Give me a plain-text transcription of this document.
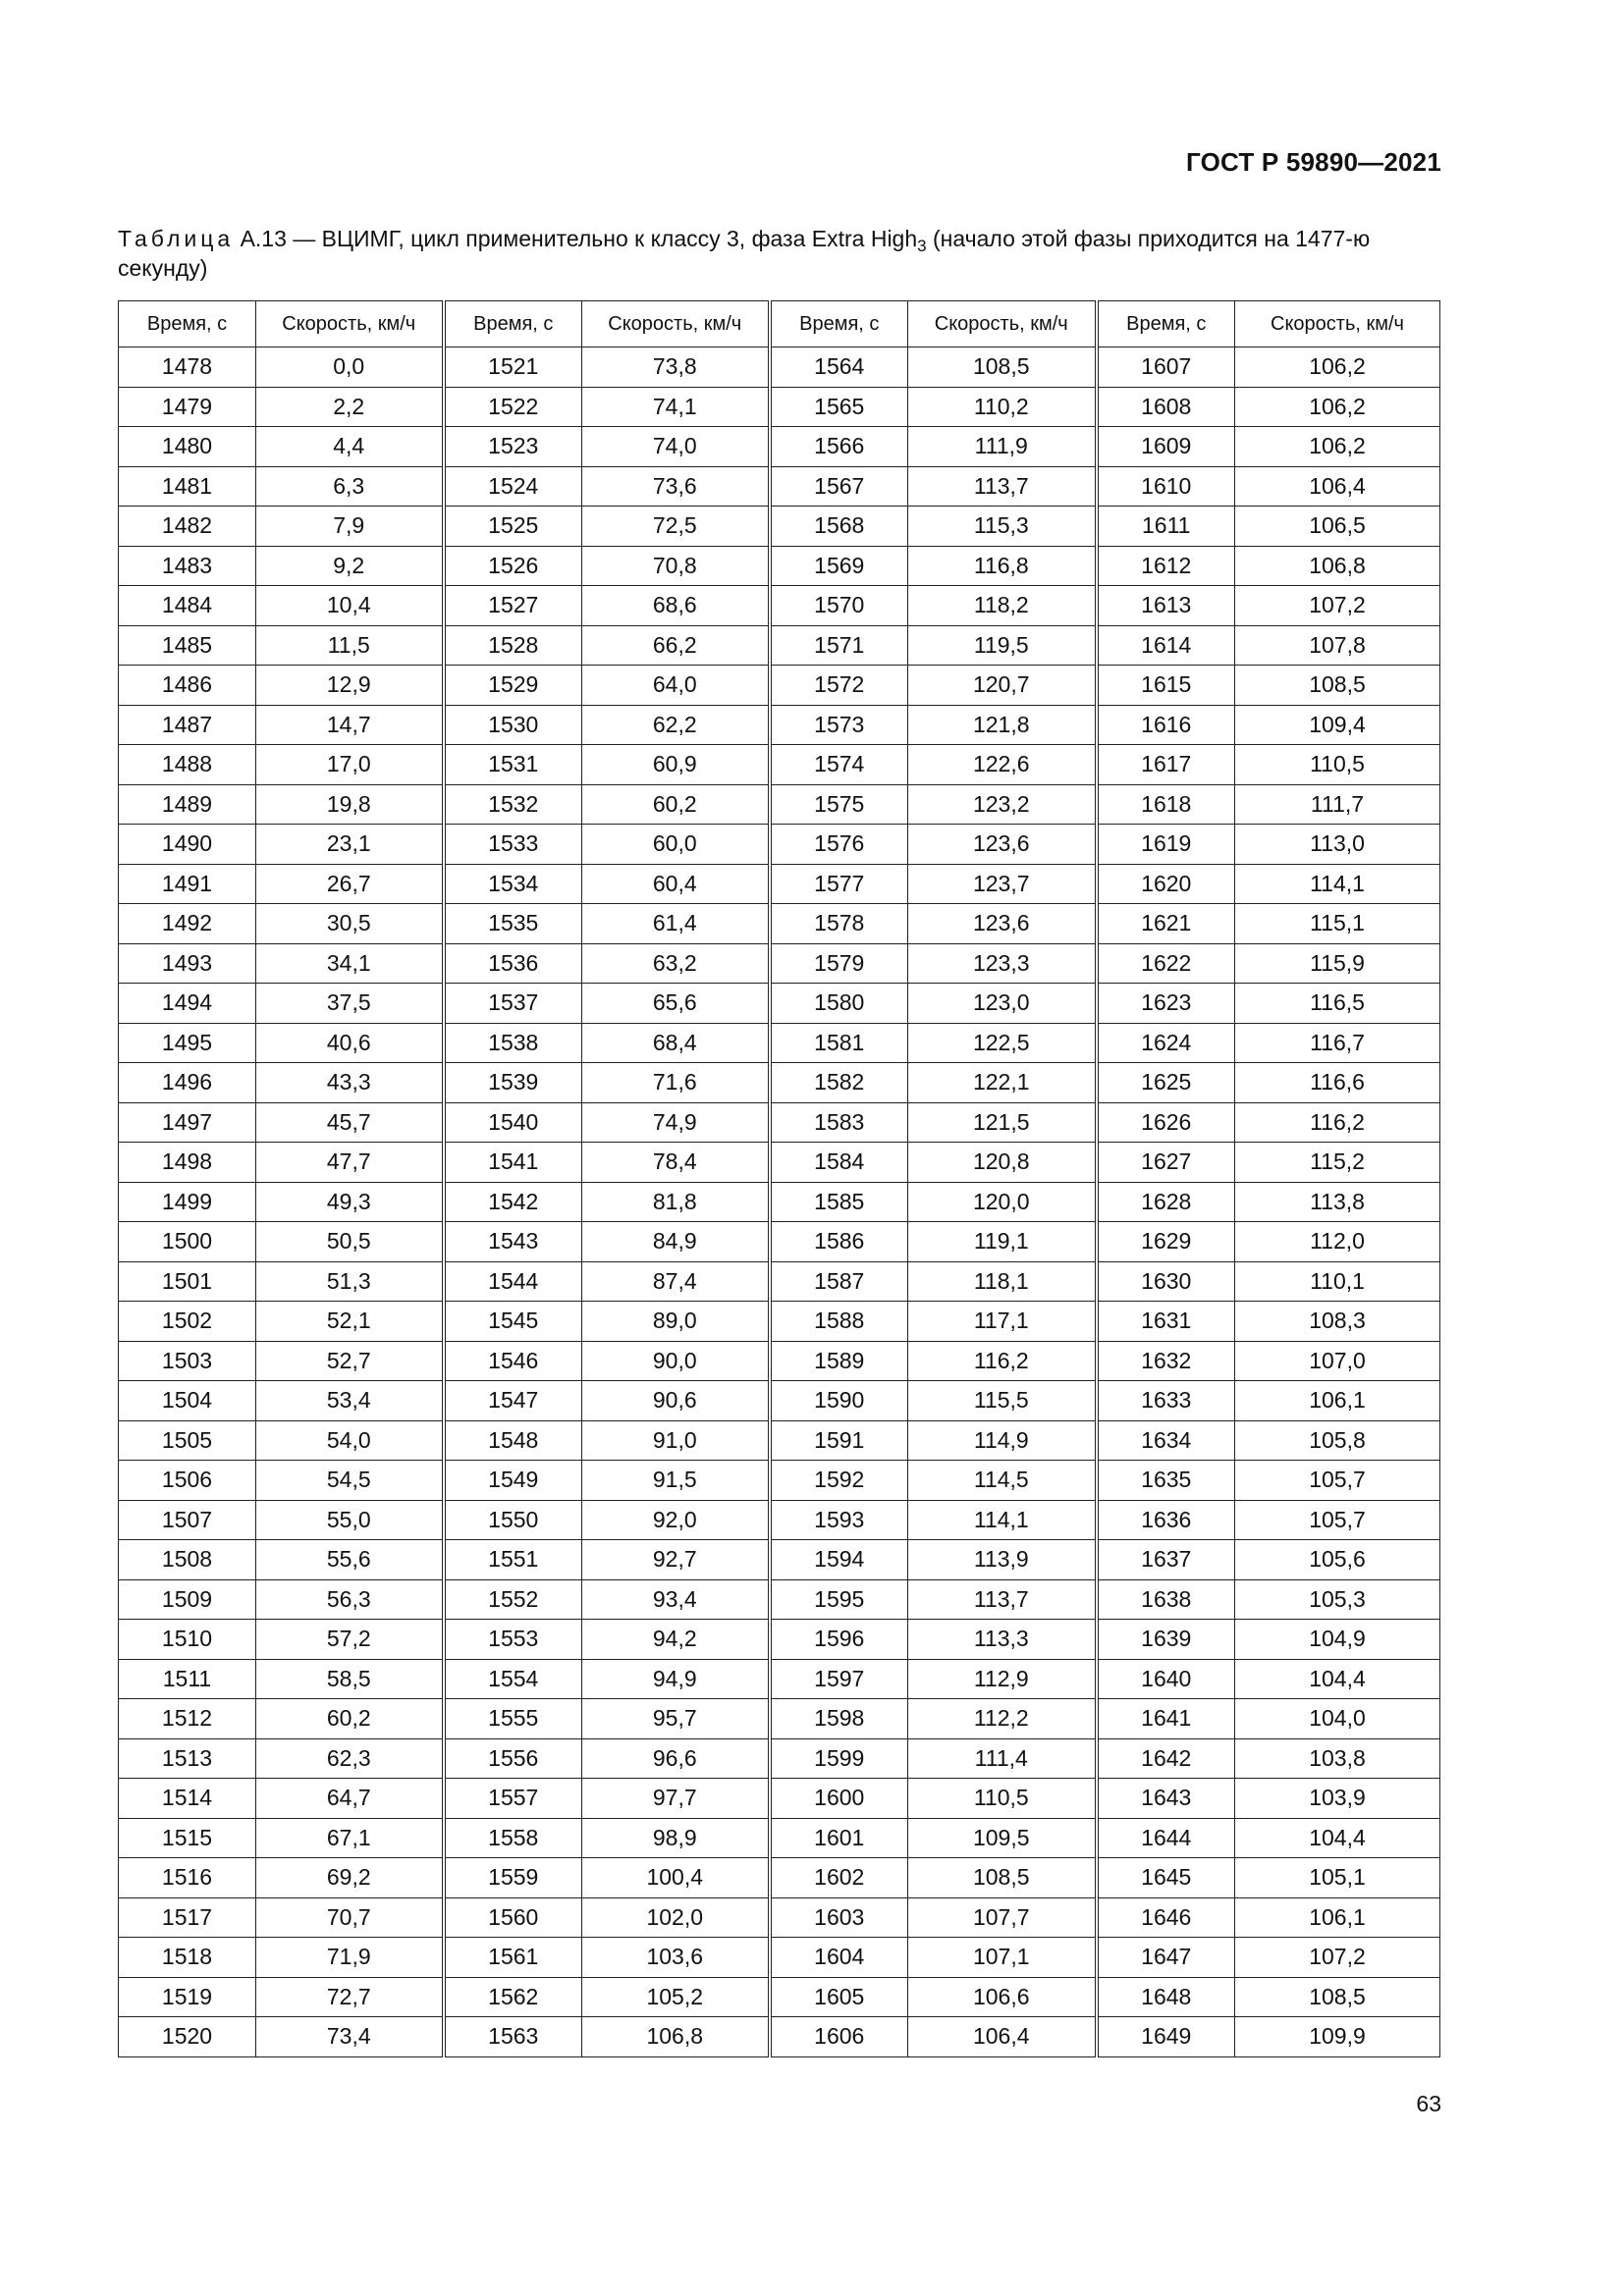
ГОСТ Р 59890—2021
Таблица А.13 — ВЦИМГ, цикл применительно к классу 3, фаза Extra High$_3$ (начало этой фазы приходится на 1477-ю секунду)
Время, с	Скорость, км/ч	Время, с	Скорость, км/ч	Время, с	Скорость, км/ч	Время, с	Скорость, км/ч
1478	0,0	1521	73,8	1564	108,5	1607	106,2
1479	2,2	1522	74,1	1565	110,2	1608	106,2
1480	4,4	1523	74,0	1566	111,9	1609	106,2
1481	6,3	1524	73,6	1567	113,7	1610	106,4
1482	7,9	1525	72,5	1568	115,3	1611	106,5
1483	9,2	1526	70,8	1569	116,8	1612	106,8
1484	10,4	1527	68,6	1570	118,2	1613	107,2
1485	11,5	1528	66,2	1571	119,5	1614	107,8
1486	12,9	1529	64,0	1572	120,7	1615	108,5
1487	14,7	1530	62,2	1573	121,8	1616	109,4
1488	17,0	1531	60,9	1574	122,6	1617	110,5
1489	19,8	1532	60,2	1575	123,2	1618	111,7
1490	23,1	1533	60,0	1576	123,6	1619	113,0
1491	26,7	1534	60,4	1577	123,7	1620	114,1
1492	30,5	1535	61,4	1578	123,6	1621	115,1
1493	34,1	1536	63,2	1579	123,3	1622	115,9
1494	37,5	1537	65,6	1580	123,0	1623	116,5
1495	40,6	1538	68,4	1581	122,5	1624	116,7
1496	43,3	1539	71,6	1582	122,1	1625	116,6
1497	45,7	1540	74,9	1583	121,5	1626	116,2
1498	47,7	1541	78,4	1584	120,8	1627	115,2
1499	49,3	1542	81,8	1585	120,0	1628	113,8
1500	50,5	1543	84,9	1586	119,1	1629	112,0
1501	51,3	1544	87,4	1587	118,1	1630	110,1
1502	52,1	1545	89,0	1588	117,1	1631	108,3
1503	52,7	1546	90,0	1589	116,2	1632	107,0
1504	53,4	1547	90,6	1590	115,5	1633	106,1
1505	54,0	1548	91,0	1591	114,9	1634	105,8
1506	54,5	1549	91,5	1592	114,5	1635	105,7
1507	55,0	1550	92,0	1593	114,1	1636	105,7
1508	55,6	1551	92,7	1594	113,9	1637	105,6
1509	56,3	1552	93,4	1595	113,7	1638	105,3
1510	57,2	1553	94,2	1596	113,3	1639	104,9
1511	58,5	1554	94,9	1597	112,9	1640	104,4
1512	60,2	1555	95,7	1598	112,2	1641	104,0
1513	62,3	1556	96,6	1599	111,4	1642	103,8
1514	64,7	1557	97,7	1600	110,5	1643	103,9
1515	67,1	1558	98,9	1601	109,5	1644	104,4
1516	69,2	1559	100,4	1602	108,5	1645	105,1
1517	70,7	1560	102,0	1603	107,7	1646	106,1
1518	71,9	1561	103,6	1604	107,1	1647	107,2
1519	72,7	1562	105,2	1605	106,6	1648	108,5
1520	73,4	1563	106,8	1606	106,4	1649	109,9
63
